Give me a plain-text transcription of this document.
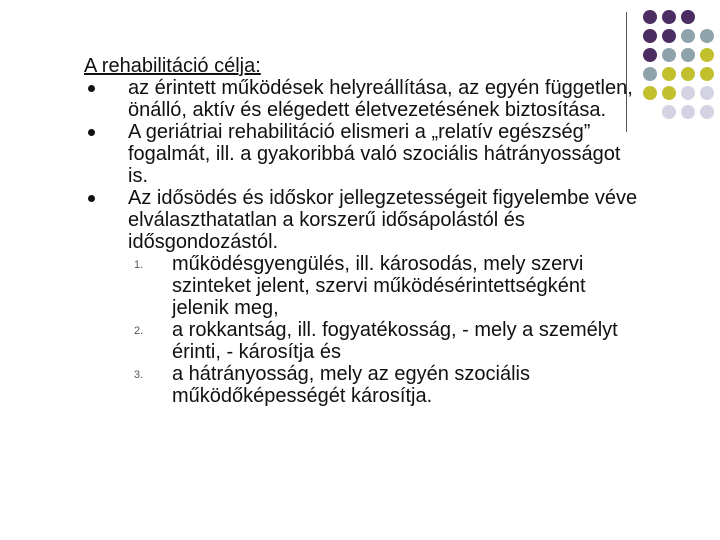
A rehabilitáció célja:
az érintett működések helyreállítása, az egyén független, önálló, aktív és elégedett életvezetésének biztosítása.
A geriátriai rehabilitáció elismeri a „relatív egészség” fogalmát, ill. a gyakoribbá való szociális hátrányosságot is.
Az idősödés és időskor jellegzetességeit figyelembe véve elválaszthatatlan a korszerű idősápolástól és idősgondozástól.
1. működésgyengülés, ill. károsodás, mely szervi szinteket jelent, szervi működésérintettségként jelenik meg,
2. a rokkantság, ill. fogyatékosság, - mely a személyt érinti, - károsítja és
3. a hátrányosság, mely az egyén szociális működőképességét károsítja.
